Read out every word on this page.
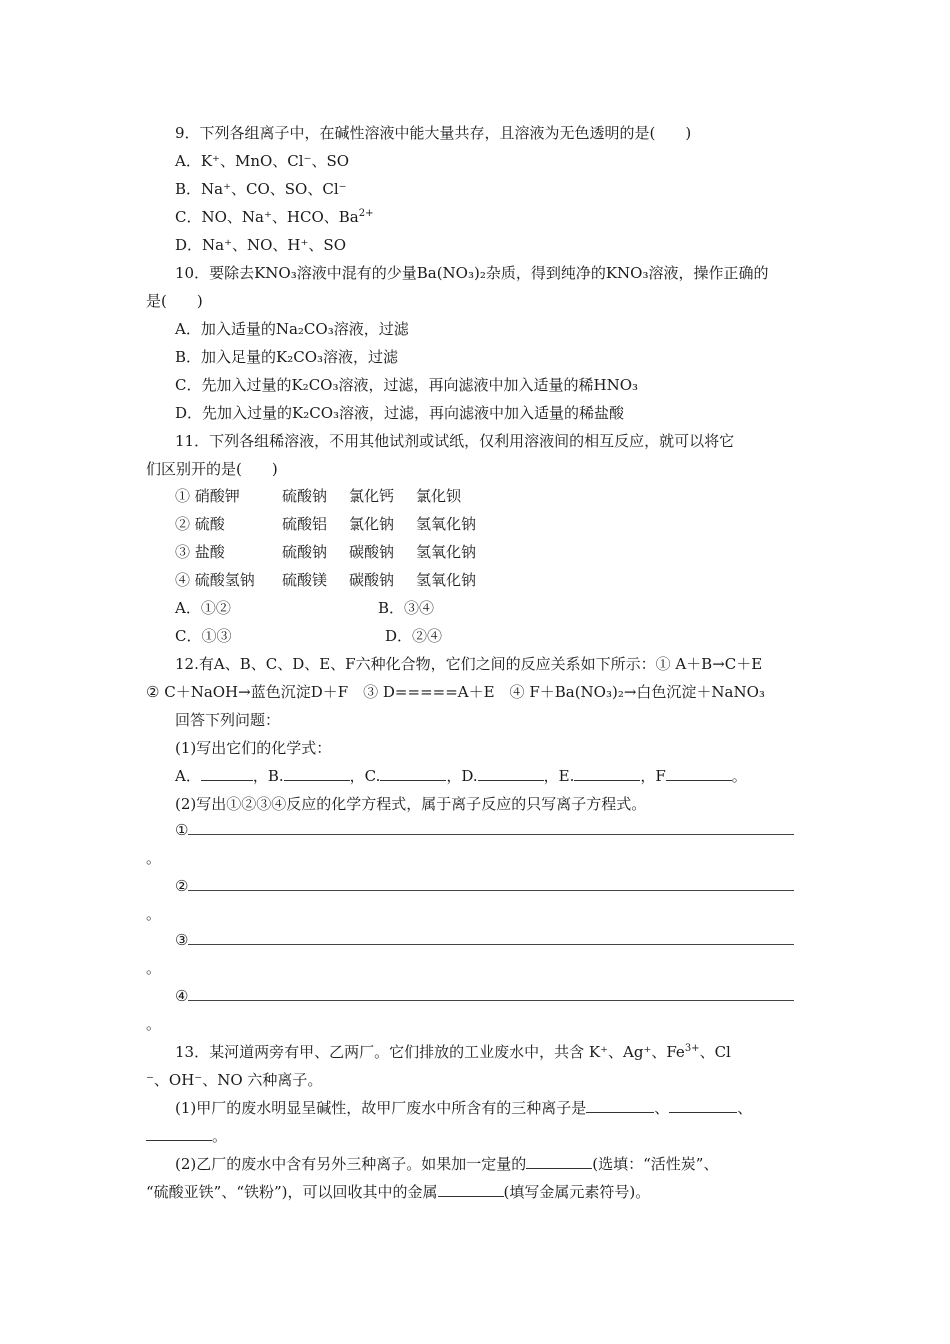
9．下列各组离子中，在碱性溶液中能大量共存，且溶液为无色透明的是(　　)
A．K⁺、MnO、Cl⁻、SO
B．Na⁺、CO、SO、Cl⁻
C．NO、Na⁺、HCO、$Ba^{2+}$
D．Na⁺、NO、H⁺、SO
10．要除去KNO₃溶液中混有的少量Ba(NO₃)₂杂质，得到纯净的KNO₃溶液，操作正确的
是(　　)
A．加入适量的Na₂CO₃溶液，过滤
B．加入足量的K₂CO₃溶液，过滤
C．先加入过量的K₂CO₃溶液，过滤，再向滤液中加入适量的稀HNO₃
D．先加入过量的K₂CO₃溶液，过滤，再向滤液中加入适量的稀盐酸
11．下列各组稀溶液，不用其他试剂或试纸，仅利用溶液间的相互反应，就可以将它
们区别开的是(　　)
① 硝酸钾	硫酸钠 氯化钙 氯化钡
② 硫酸	硫酸铝 氯化钠 氢氧化钠
③ 盐酸	硫酸钠 碳酸钠 氢氧化钠
④ 硫酸氢钠 硫酸镁 碳酸钠 氢氧化钠
A．①②	B．③④
C．①③	D．②④
12.有A、B、C、D、E、F六种化合物，它们之间的反应关系如下所示：① A＋B→C＋E
② C＋NaOH→蓝色沉淀D＋F　③ D=====A＋E　④ F＋Ba(NO₃)₂→白色沉淀＋NaNO₃
回答下列问题：
(1)写出它们的化学式：
A．	，B.	，C.	，D.	，E.	，F	。
(2)写出①②③④反应的化学方程式，属于离子反应的只写离子方程式。
①
。
②
。
③
。
④
。
13．某河道两旁有甲、乙两厂。它们排放的工业废水中，共含 K⁺、Ag⁺、$Fe^{3+}$、Cl
⁻、OH⁻、NO 六种离子。
(1)甲厂的废水明显呈碱性，故甲厂废水中所含有的三种离子是	、	、
。
(2)乙厂的废水中含有另外三种离子。如果加一定量的	(选填：“活性炭”、
“硫酸亚铁”、“铁粉”)，可以回收其中的金属	(填写金属元素符号)。
